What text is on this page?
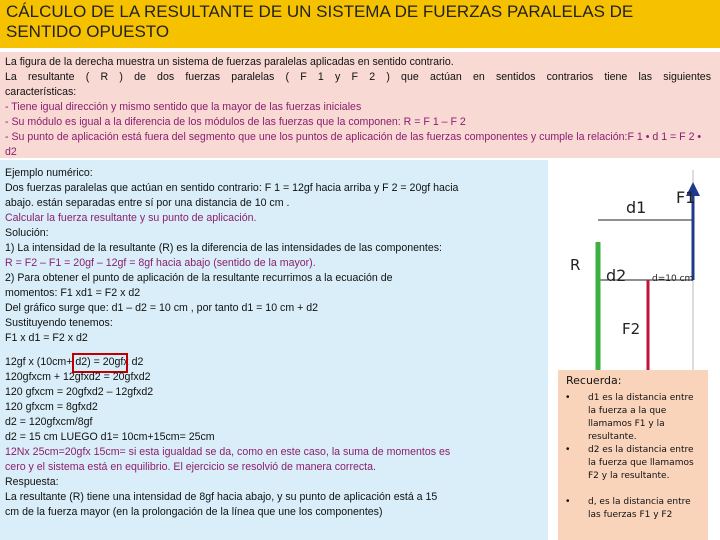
CÁLCULO DE LA RESULTANTE DE UN SISTEMA DE FUERZAS PARALELAS DE SENTIDO OPUESTO

La figura de la derecha muestra un sistema de fuerzas paralelas aplicadas en sentido contrario.

La resultante ( R ) de dos fuerzas paralelas ( F 1 y F 2 ) que actúan en sentidos contrarios tiene las siguientes

características:

- Tiene igual dirección y mismo sentido que la mayor de las fuerzas iniciales

- Su módulo es igual a la diferencia de los módulos de las fuerzas que la componen: R = F 1 – F 2

- Su punto de aplicación está fuera del segmento que une los puntos de aplicación de las fuerzas componentes y cumple la relación:F 1 • d 1 = F 2 • d2

Ejemplo numérico:
Dos fuerzas paralelas que actúan en sentido contrario: F 1 = 12gf hacia arriba y F 2 = 20gf hacia
abajo. están separadas entre sí por una distancia de 10 cm .
Calcular la fuerza resultante y su punto de aplicación.
Solución:
1) La intensidad de la resultante (R) es la diferencia de las intensidades de las componentes:
R = F2 – F1 = 20gf – 12gf = 8gf hacia abajo (sentido de la mayor).
2) Para obtener el punto de aplicación de la resultante recurrimos a la ecuación de
momentos: F1 xd1 = F2 x d2
Del gráfico surge que: d1 – d2 = 10 cm , por tanto d1 = 10 cm + d2
Sustituyendo tenemos:
F1 x d1 = F2 x d2
12gf x (10cm+ d2) = 20gfx d2
120gfxcm + 12gfxd2 = 20gfxd2
120 gfxcm = 20gfxd2 – 12gfxd2
120 gfxcm = 8gfxd2
d2 = 120gfxcm/8gf
d2 = 15 cm LUEGO d1= 10cm+15cm= 25cm
12Nx 25cm=20gfx 15cm= si esta igualdad se da, como en este caso, la suma de momentos es
cero y el sistema está en equilibrio. El ejercicio se resolvió de manera correcta.
Respuesta:
La resultante (R) tiene una intensidad de 8gf hacia abajo, y su punto de aplicación está a 15
cm de la fuerza mayor (en la prolongación de la línea que une los componentes)
F1
d1
R
d2	d=10 cm
F2
Recuerda:
• d1 es la distancia entre la fuerza a la que llamamos F1 y la resultante.
• d2 es la distancia entre la fuerza que llamamos F2 y la resultante.
• d, es la distancia entre las fuerzas F1 y F2
